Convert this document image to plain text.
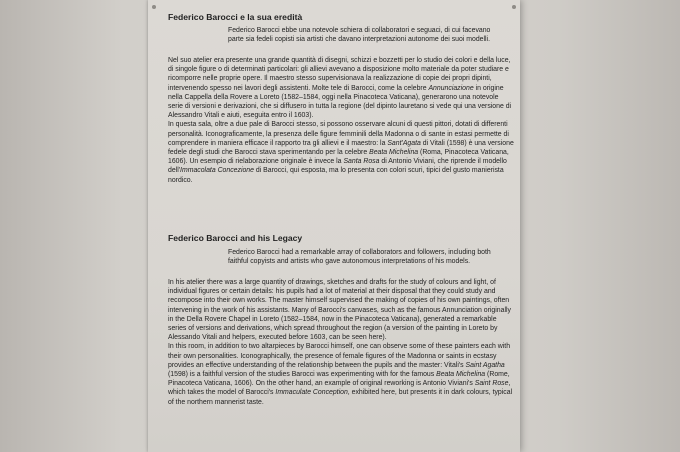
Federico Barocci e la sua eredità

Federico Barocci ebbe una notevole schiera di collaboratori e seguaci, di cui facevano parte sia fedeli copisti sia artisti che davano interpretazioni autonome dei suoi modelli.

Nel suo atelier era presente una grande quantità di disegni, schizzi e bozzetti per lo studio dei colori e della luce, di singole figure o di determinati particolari: gli allievi avevano a disposizione molto materiale da poter studiare e ricomporre nelle proprie opere. Il maestro stesso supervisionava la realizzazione di copie dei propri dipinti, intervenendo spesso nei lavori degli assistenti. Molte tele di Barocci, come la celebre Annunciazione in origine nella Cappella della Rovere a Loreto (1582–1584, oggi nella Pinacoteca Vaticana), generarono una notevole serie di versioni e derivazioni, che si diffusero in tutta la regione (del dipinto lauretano si vede qui una versione di Alessandro Vitali e aiuti, eseguita entro il 1603).

In questa sala, oltre a due pale di Barocci stesso, si possono osservare alcuni di questi pittori, dotati di differenti personalità. Iconograficamente, la presenza delle figure femminili della Madonna o di sante in estasi permette di comprendere in maniera efficace il rapporto tra gli allievi e il maestro: la Sant'Agata di Vitali (1598) è una versione fedele degli studi che Barocci stava sperimentando per la celebre Beata Michelina (Roma, Pinacoteca Vaticana, 1606). Un esempio di rielaborazione originale è invece la Santa Rosa di Antonio Viviani, che riprende il modello dell'Immacolata Concezione di Barocci, qui esposta, ma lo presenta con colori scuri, tipici del gusto manierista nordico.

Federico Barocci and his Legacy

Federico Barocci had a remarkable array of collaborators and followers, including both faithful copyists and artists who gave autonomous interpretations of his models.

In his atelier there was a large quantity of drawings, sketches and drafts for the study of colours and light, of individual figures or certain details: his pupils had a lot of material at their disposal that they could study and recompose into their own works. The master himself supervised the making of copies of his own paintings, often intervening in the work of his assistants. Many of Barocci's canvases, such as the famous Annunciation originally in the Della Rovere Chapel in Loreto (1582–1584, now in the Pinacoteca Vaticana), generated a remarkable series of versions and derivations, which spread throughout the region (a version of the painting in Loreto by Alessando Vitali and helpers, executed before 1603, can be seen here).

In this room, in addition to two altarpieces by Barocci himself, one can observe some of these painters each with their own personalities. Iconographically, the presence of female figures of the Madonna or saints in ecstasy provides an effective understanding of the relationship between the pupils and the master: Vitali's Saint Agatha (1598) is a faithful version of the studies Barocci was experimenting with for the famous Beata Michelina (Rome, Pinacoteca Vaticana, 1606). On the other hand, an example of original reworking is Antonio Viviani's Saint Rose, which takes the model of Barocci's Immaculate Conception, exhibited here, but presents it in dark colours, typical of the northern mannerist taste.
